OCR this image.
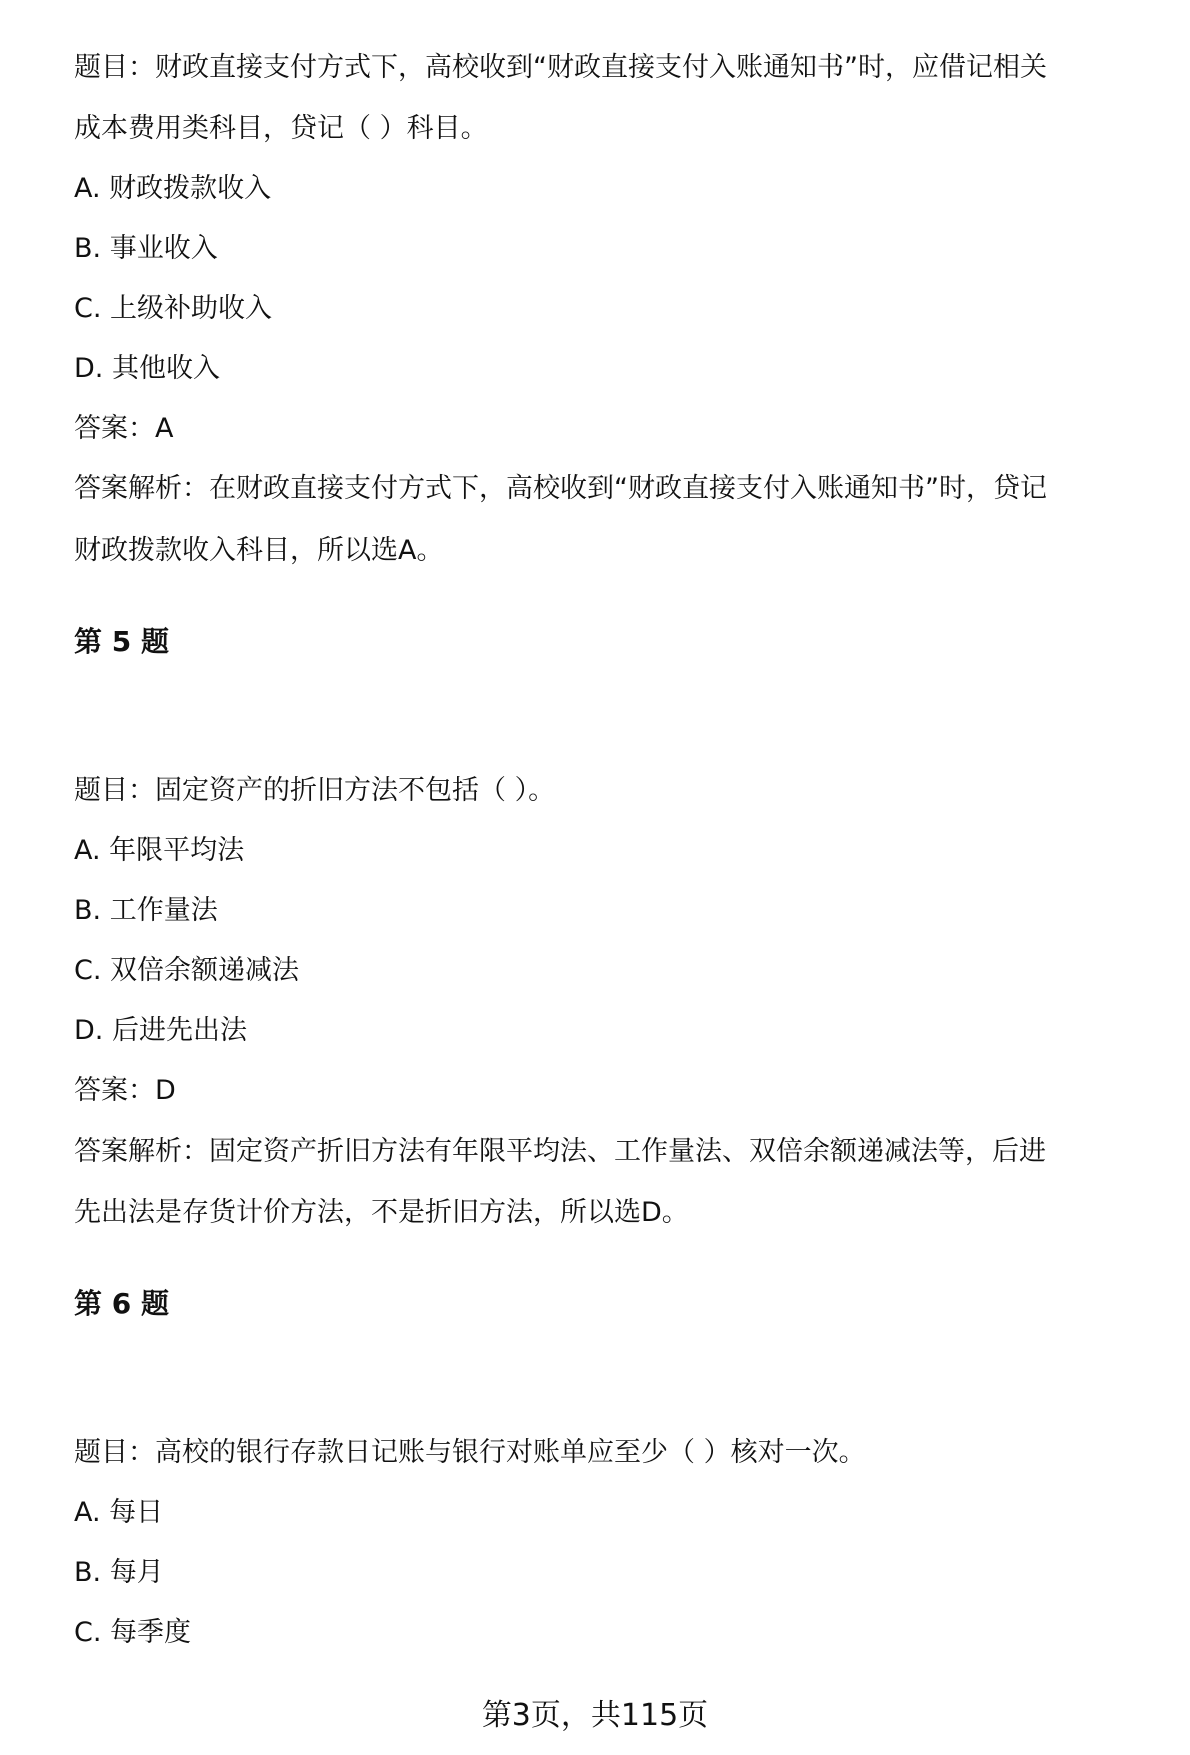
题目：财政直接支付方式下，高校收到“财政直接支付入账通知书”时，应借记相关
成本费用类科目，贷记（ ）科目。
A. 财政拨款收入
B. 事业收入
C. 上级补助收入
D. 其他收入
答案：A
答案解析：在财政直接支付方式下，高校收到“财政直接支付入账通知书”时，贷记
财政拨款收入科目，所以选A。
第 5 题
题目：固定资产的折旧方法不包括（ ）。
A. 年限平均法
B. 工作量法
C. 双倍余额递减法
D. 后进先出法
答案：D
答案解析：固定资产折旧方法有年限平均法、工作量法、双倍余额递减法等，后进
先出法是存货计价方法，不是折旧方法，所以选D。
第 6 题
题目：高校的银行存款日记账与银行对账单应至少（ ）核对一次。
A. 每日
B. 每月
C. 每季度
第3页，共115页
